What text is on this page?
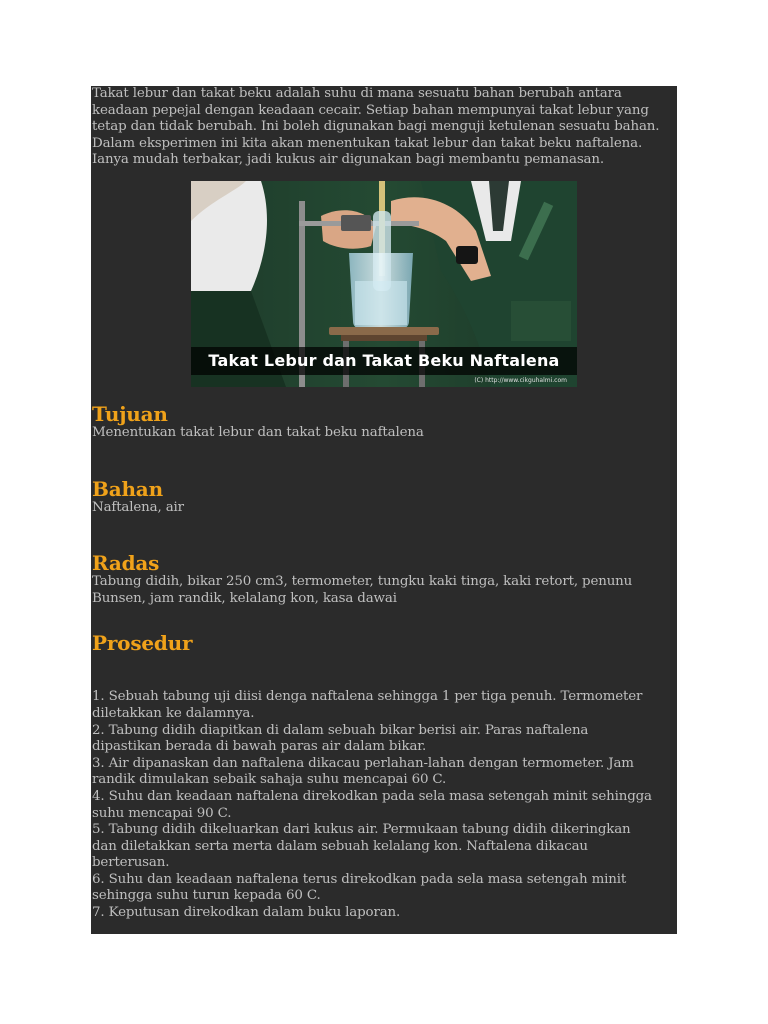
Takat lebur dan takat beku adalah suhu di mana sesuatu bahan berubah antara

keadaan pepejal dengan keadaan cecair. Setiap bahan mempunyai takat lebur yang

tetap dan tidak berubah. Ini boleh digunakan bagi menguji ketulenan sesuatu bahan.

Dalam eksperimen ini kita akan menentukan takat lebur dan takat beku naftalena.

Ianya mudah terbakar, jadi kukus air digunakan bagi membantu pemanasan.

Takat Lebur dan Takat Beku Naftalena
(C) http://www.cikguhalmi.com
Tujuan

Menentukan takat lebur dan takat beku naftalena

Bahan

Naftalena, air

Radas

Tabung didih, bikar 250 cm3, termometer, tungku kaki tinga, kaki retort, penunu

Bunsen, jam randik, kelalang kon, kasa dawai

Prosedur

1. Sebuah tabung uji diisi denga naftalena sehingga 1 per tiga penuh. Termometer

diletakkan ke dalamnya.

2. Tabung didih diapitkan di dalam sebuah bikar berisi air. Paras naftalena

dipastikan berada di bawah paras air dalam bikar.

3. Air dipanaskan dan naftalena dikacau perlahan-lahan dengan termometer. Jam

randik dimulakan sebaik sahaja suhu mencapai 60 C.

4. Suhu dan keadaan naftalena direkodkan pada sela masa setengah minit sehingga

suhu mencapai 90 C.

5. Tabung didih dikeluarkan dari kukus air. Permukaan tabung didih dikeringkan

dan diletakkan serta merta dalam sebuah kelalang kon. Naftalena dikacau

berterusan.

6. Suhu dan keadaan naftalena terus direkodkan pada sela masa setengah minit

sehingga suhu turun kepada 60 C.

7. Keputusan direkodkan dalam buku laporan.
